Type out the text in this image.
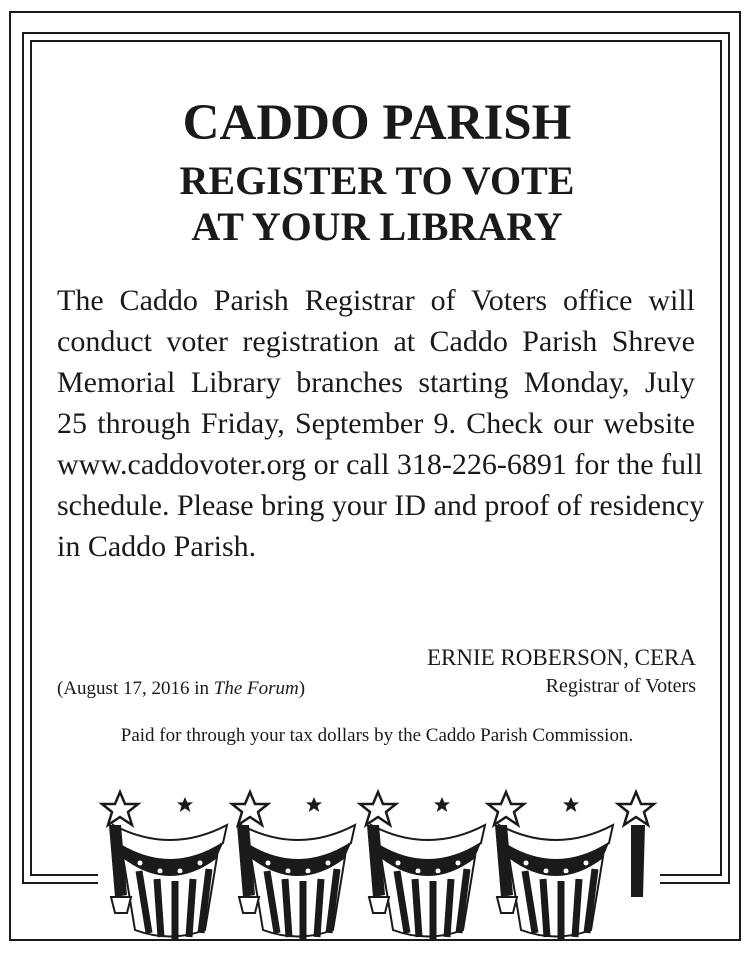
CADDO PARISH
REGISTER TO VOTE
AT YOUR LIBRARY
The Caddo Parish Registrar of Voters office will
conduct voter registration at Caddo Parish Shreve
Memorial Library branches starting Monday, July
25 through Friday, September 9. Check our website
www.caddovoter.org or call 318-226-6891 for the full
schedule. Please bring your ID and proof of residency
in Caddo Parish.
ERNIE ROBERSON, CERA
Registrar of Voters
(August 17, 2016 in The Forum)
Paid for through your tax dollars by the Caddo Parish Commission.
